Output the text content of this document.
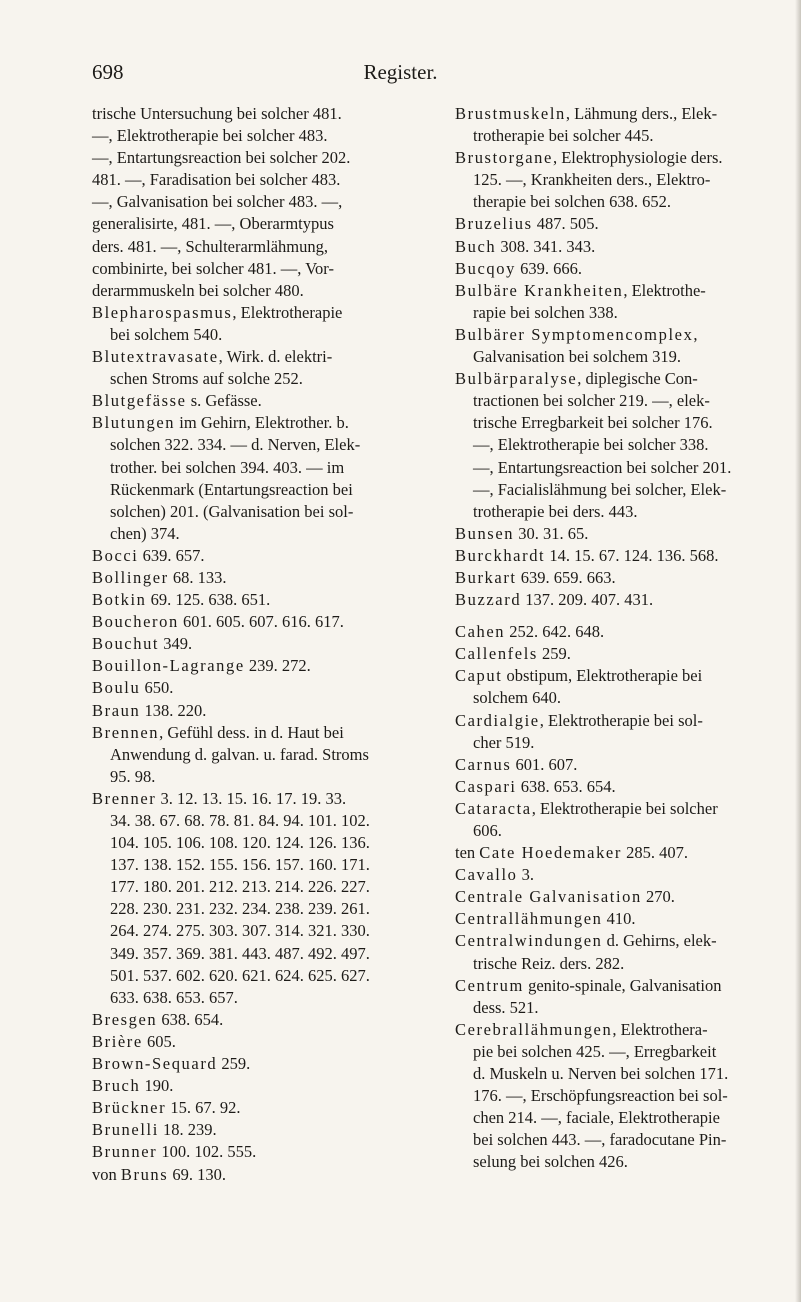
698	Register.
trische Untersuchung bei solcher 481.
—, Elektrotherapie bei solcher 483.
—, Entartungsreaction bei solcher 202.
481. —, Faradisation bei solcher 483.
—, Galvanisation bei solcher 483. —,
generalisirte, 481. —, Oberarmtypus
ders. 481. —, Schulterarmlähmung,
combinirte, bei solcher 481. —, Vor-
derarmmuskeln bei solcher 480.
Blepharospasmus, Elektrotherapie
bei solchem 540.
Blutextravasate, Wirk. d. elektri-
schen Stroms auf solche 252.
Blutgefässe s. Gefässe.
Blutungen im Gehirn, Elektrother. b.
solchen 322. 334. — d. Nerven, Elek-
trother. bei solchen 394. 403. — im
Rückenmark (Entartungsreaction bei
solchen) 201. (Galvanisation bei sol-
chen) 374.
Bocci 639. 657.
Bollinger 68. 133.
Botkin 69. 125. 638. 651.
Boucheron 601. 605. 607. 616. 617.
Bouchut 349.
Bouillon-Lagrange 239. 272.
Boulu 650.
Braun 138. 220.
Brennen, Gefühl dess. in d. Haut bei
Anwendung d. galvan. u. farad. Stroms
95. 98.
Brenner 3. 12. 13. 15. 16. 17. 19. 33.
34. 38. 67. 68. 78. 81. 84. 94. 101. 102.
104. 105. 106. 108. 120. 124. 126. 136.
137. 138. 152. 155. 156. 157. 160. 171.
177. 180. 201. 212. 213. 214. 226. 227.
228. 230. 231. 232. 234. 238. 239. 261.
264. 274. 275. 303. 307. 314. 321. 330.
349. 357. 369. 381. 443. 487. 492. 497.
501. 537. 602. 620. 621. 624. 625. 627.
633. 638. 653. 657.
Bresgen 638. 654.
Brière 605.
Brown-Sequard 259.
Bruch 190.
Brückner 15. 67. 92.
Brunelli 18. 239.
Brunner 100. 102. 555.
von Bruns 69. 130.
Brustmuskeln, Lähmung ders., Elek-
trotherapie bei solcher 445.
Brustorgane, Elektrophysiologie ders.
125. —, Krankheiten ders., Elektro-
therapie bei solchen 638. 652.
Bruzelius 487. 505.
Buch 308. 341. 343.
Bucqoy 639. 666.
Bulbäre Krankheiten, Elektrothe-
rapie bei solchen 338.
Bulbärer Symptomencomplex,
Galvanisation bei solchem 319.
Bulbärparalyse, diplegische Con-
tractionen bei solcher 219. —, elek-
trische Erregbarkeit bei solcher 176.
—, Elektrotherapie bei solcher 338.
—, Entartungsreaction bei solcher 201.
—, Facialislähmung bei solcher, Elek-
trotherapie bei ders. 443.
Bunsen 30. 31. 65.
Burckhardt 14. 15. 67. 124. 136. 568.
Burkart 639. 659. 663.
Buzzard 137. 209. 407. 431.
Cahen 252. 642. 648.
Callenfels 259.
Caput obstipum, Elektrotherapie bei
solchem 640.
Cardialgie, Elektrotherapie bei sol-
cher 519.
Carnus 601. 607.
Caspari 638. 653. 654.
Cataracta, Elektrotherapie bei solcher
606.
ten Cate Hoedemaker 285. 407.
Cavallo 3.
Centrale Galvanisation 270.
Centrallähmungen 410.
Centralwindungen d. Gehirns, elek-
trische Reiz. ders. 282.
Centrum genito-spinale, Galvanisation
dess. 521.
Cerebrallähmungen, Elektrothera-
pie bei solchen 425. —, Erregbarkeit
d. Muskeln u. Nerven bei solchen 171.
176. —, Erschöpfungsreaction bei sol-
chen 214. —, faciale, Elektrotherapie
bei solchen 443. —, faradocutane Pin-
selung bei solchen 426.
